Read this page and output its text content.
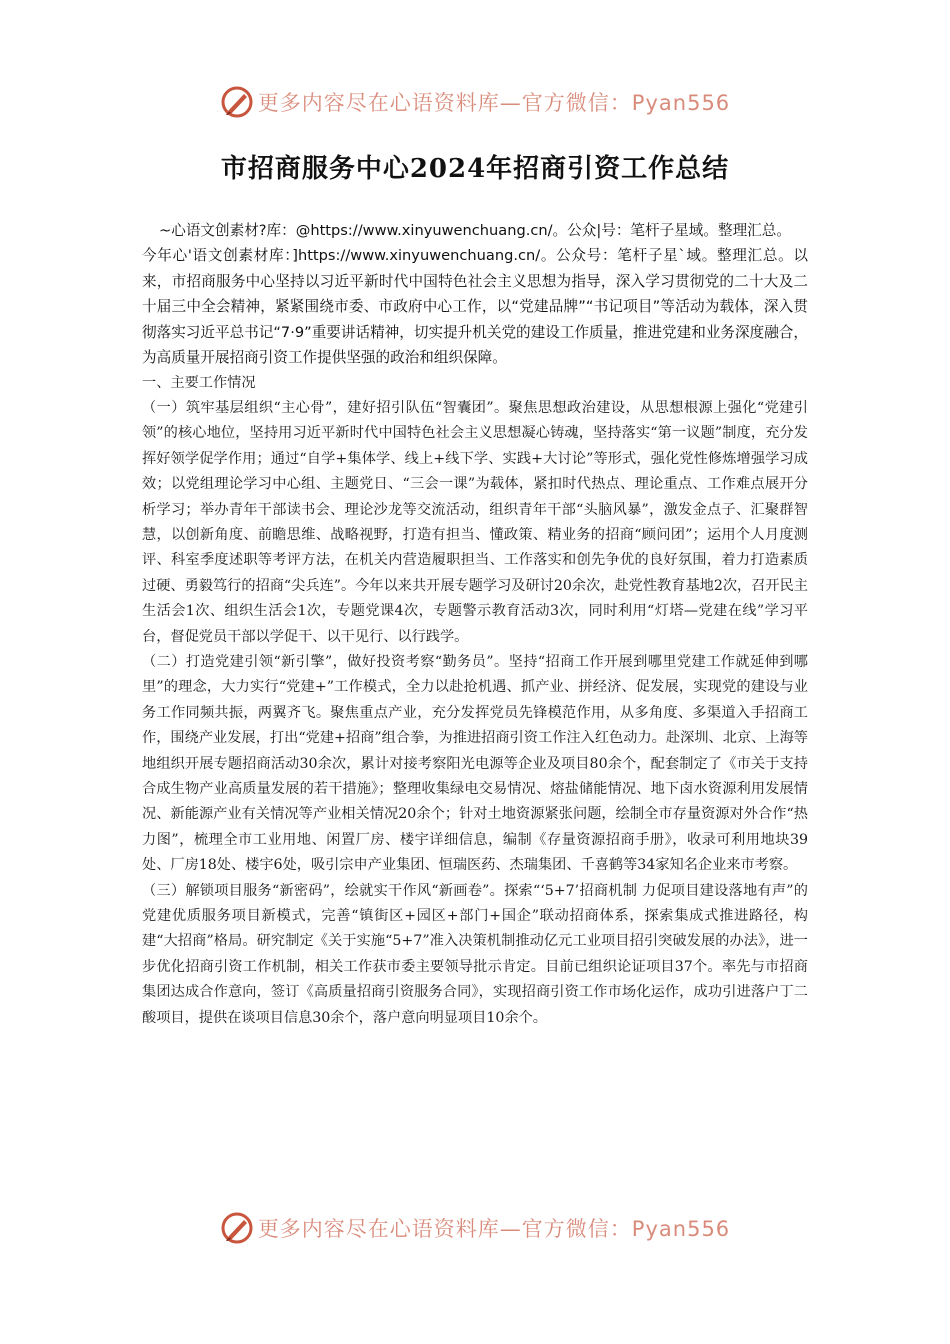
更多内容尽在心语资料库—官方微信：Pyan556
市招商服务中心2024年招商引资工作总结

~心语文创素材?库：@https://www.xinyuwenchuang.cn/。公众|号：笔杆子星域。整理汇总。

今年心'语文创素材库：]https://www.xinyuwenchuang.cn/。公众号：笔杆子星`域。整理汇总。以来，市招商服务中心坚持以习近平新时代中国特色社会主义思想为指导，深入学习贯彻党的二十大及二十届三中全会精神，紧紧围绕市委、市政府中心工作，以“党建品牌”“书记项目”等活动为载体，深入贯彻落实习近平总书记“7·9”重要讲话精神，切实提升机关党的建设工作质量，推进党建和业务深度融合，为高质量开展招商引资工作提供坚强的政治和组织保障。

一、主要工作情况

（一）筑牢基层组织“主心骨”，建好招引队伍“智囊团”。聚焦思想政治建设，从思想根源上强化“党建引领”的核心地位，坚持用习近平新时代中国特色社会主义思想凝心铸魂，坚持落实“第一议题”制度，充分发挥好领学促学作用；通过“自学+集体学、线上+线下学、实践+大讨论”等形式，强化党性修炼增强学习成效；以党组理论学习中心组、主题党日、“三会一课”为载体，紧扣时代热点、理论重点、工作难点展开分析学习；举办青年干部读书会、理论沙龙等交流活动，组织青年干部“头脑风暴”，激发金点子、汇聚群智慧，以创新角度、前瞻思维、战略视野，打造有担当、懂政策、精业务的招商“顾问团”；运用个人月度测评、科室季度述职等考评方法，在机关内营造履职担当、工作落实和创先争优的良好氛围，着力打造素质过硬、勇毅笃行的招商“尖兵连”。今年以来共开展专题学习及研讨20余次，赴党性教育基地2次，召开民主生活会1次、组织生活会1次，专题党课4次，专题警示教育活动3次，同时利用“灯塔—党建在线”学习平台，督促党员干部以学促干、以干见行、以行践学。

（二）打造党建引领“新引擎”，做好投资考察“勤务员”。坚持“招商工作开展到哪里党建工作就延伸到哪里”的理念，大力实行“党建+”工作模式，全力以赴抢机遇、抓产业、拼经济、促发展，实现党的建设与业务工作同频共振，两翼齐飞。聚焦重点产业，充分发挥党员先锋模范作用，从多角度、多渠道入手招商工作，围绕产业发展，打出“党建+招商”组合拳，为推进招商引资工作注入红色动力。赴深圳、北京、上海等地组织开展专题招商活动30余次，累计对接考察阳光电源等企业及项目80余个，配套制定了《市关于支持合成生物产业高质量发展的若干措施》；整理收集绿电交易情况、熔盐储能情况、地下卤水资源利用发展情况、新能源产业有关情况等产业相关情况20余个；针对土地资源紧张问题，绘制全市存量资源对外合作“热力图”，梳理全市工业用地、闲置厂房、楼宇详细信息，编制《存量资源招商手册》，收录可利用地块39处、厂房18处、楼宇6处，吸引宗申产业集团、恒瑞医药、杰瑞集团、千喜鹤等34家知名企业来市考察。

（三）解锁项目服务“新密码”，绘就实干作风“新画卷”。探索“‘5+7’招商机制 力促项目建设落地有声”的党建优质服务项目新模式，完善“镇街区+园区+部门+国企”联动招商体系，探索集成式推进路径，构建“大招商”格局。研究制定《关于实施“5+7”准入决策机制推动亿元工业项目招引突破发展的办法》，进一步优化招商引资工作机制，相关工作获市委主要领导批示肯定。目前已组织论证项目37个。率先与市招商集团达成合作意向，签订《高质量招商引资服务合同》，实现招商引资工作市场化运作，成功引进落户丁二酸项目，提供在谈项目信息30余个，落户意向明显项目10余个。

更多内容尽在心语资料库—官方微信：Pyan556
